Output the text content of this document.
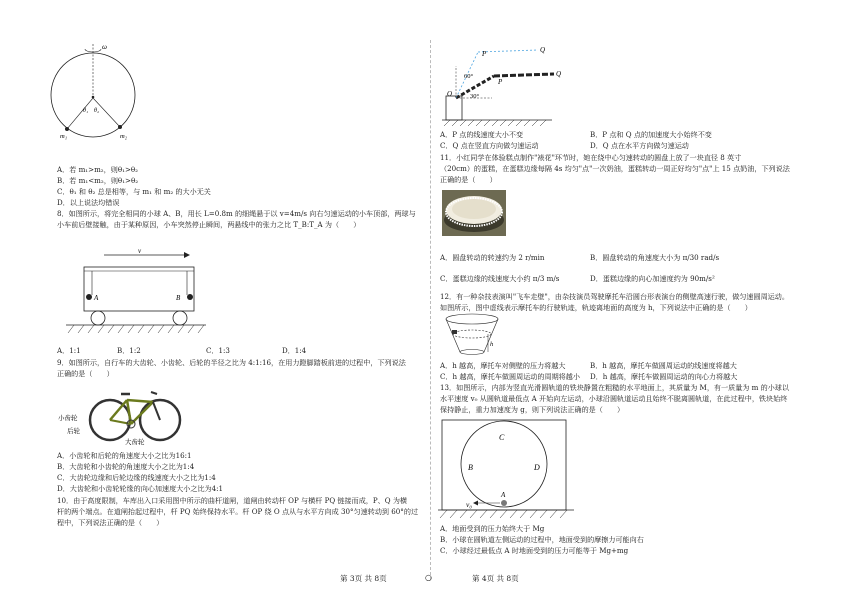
ω
θ₁ θ₂
m₁	m₂
A．若 m₁>m₂，则θ₁>θ₂
B．若 m₁<m₂，则θ₁>θ₂
C．θ₁ 和 θ₂ 总是相等，与 m₁ 和 m₂ 的大小无关
D．以上说法均错误
8．如图所示，将完全相同的小球 A、B，用长 L=0.8m 的细绳悬于以 v=4m/s 向右匀速运动的小车顶部，两球与
小车前后壁接触，由于某种原因，小车突然停止瞬间，两悬线中的张力之比 T_B:T_A 为（　　）
v
A	B
A．1:1	B．1:2	C．1:3	D．1:4
9．如图所示，自行车的大齿轮、小齿轮、后轮的半径之比为 4:1:16，在用力蹬脚踏板前进的过程中，下列说法
正确的是（　　）
小齿轮
后轮
大齿轮
A．小齿轮和后轮的角速度大小之比为16:1
B．大齿轮和小齿轮的角速度大小之比为1:4
C．大齿轮边缘和后轮边缘的线速度大小之比为1:4
D．大齿轮和小齿轮轮缘的向心加速度大小之比为4:1
10．由于高度限制，车库出入口采用图中所示的曲杆道闸，道闸由转动杆 OP 与横杆 PQ 链接而成，P、Q 为横
杆的两个端点。在道闸抬起过程中，杆 PQ 始终保持水平。杆 OP 绕 O 点从与水平方向成 30°匀速转动到 60°的过
程中，下列说法正确的是（　　）
第 3页 共 8页	○
P	Q
P
Q
O
60°
30°
A．P 点的线速度大小不变	B．P 点和 Q 点的加速度大小始终不变
C．Q 点在竖直方向做匀速运动	D．Q 点在水平方向做匀速运动
11．小红同学在体验糕点制作"裱花"环节时，她在绕中心匀速转动的圆盘上放了一块直径 8 英寸
（20cm）的蛋糕，在蛋糕边缘每隔 4s 均匀"点"一次奶油，蛋糕转动一周正好均匀"点"上 15 点奶油，下列说法
正确的是（　　）
A．圆盘转动的转速约为 2 r/min	B．圆盘转动的角速度大小为 π/30 rad/s
C．蛋糕边缘的线速度大小约 π/3 m/s	D．蛋糕边缘的向心加速度约为 90m/s²
12．有一种杂技表演叫"飞车走壁"，由杂技演员驾驶摩托车沿圆台形表演台的侧壁高速行驶，做匀速圆周运动。
如图所示，图中虚线表示摩托车的行驶轨迹，轨迹离地面的高度为 h，下列说法中正确的是（　　）
h
A．h 越高，摩托车对侧壁的压力将越大	B．h 越高，摩托车做圆周运动的线速度将越大
C．h 越高，摩托车做圆周运动的周期将越小 D．h 越高，摩托车做圆周运动的向心力将越大
13．如图所示，内部为竖直光滑圆轨道的铁块静置在粗糙的水平地面上，其质量为 M，有一质量为 m 的小球以
水平速度 v₀ 从圆轨道最低点 A 开始向左运动，小球沿圆轨道运动且始终不脱离圆轨道，在此过程中，铁块始终
保持静止，重力加速度为 g，则下列说法正确的是（　　）
C
B	D
A
v₀
A．地面受到的压力始终大于 Mg
B．小球在圆轨道左侧运动的过程中，地面受到的摩擦力可能向右
C．小球经过最低点 A 时地面受到的压力可能等于 Mg+mg
第 4页 共 8页
